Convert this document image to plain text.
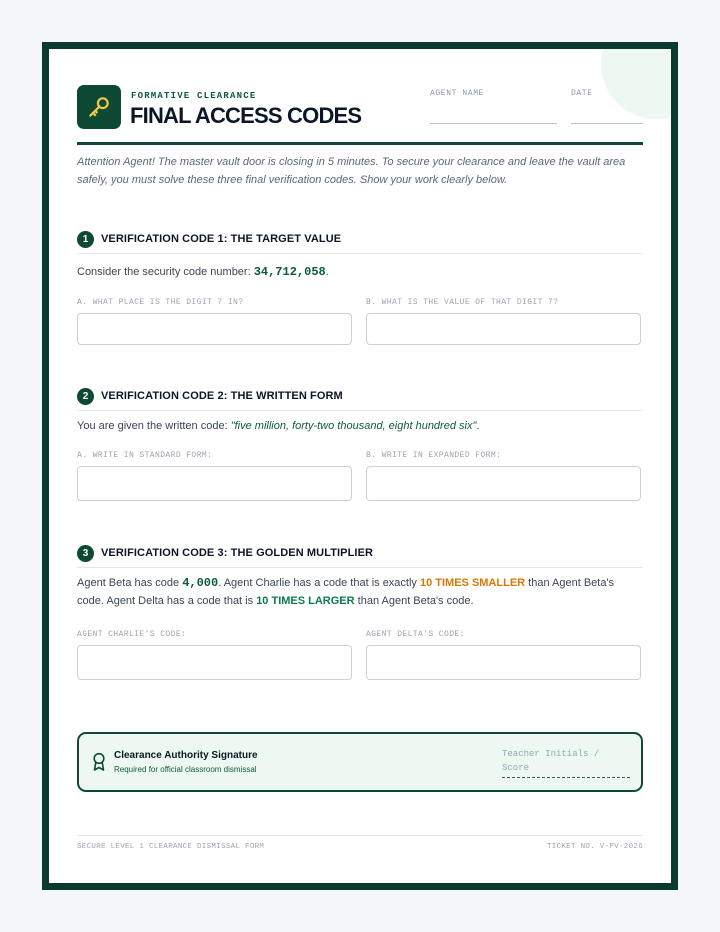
FORMATIVE CLEARANCE
FINAL ACCESS CODES
AGENT NAME	DATE

Attention Agent! The master vault door is closing in 5 minutes. To secure your clearance and leave the vault area safely, you must solve these three final verification codes. Show your work clearly below.

1	VERIFICATION CODE 1: THE TARGET VALUE

Consider the security code number: 34,712,058.

A. WHAT PLACE IS THE DIGIT 7 IN?	B. WHAT IS THE VALUE OF THAT DIGIT 7?
2	VERIFICATION CODE 2: THE WRITTEN FORM

You are given the written code: "five million, forty-two thousand, eight hundred six".

A. WRITE IN STANDARD FORM:	B. WRITE IN EXPANDED FORM:
3	VERIFICATION CODE 3: THE GOLDEN MULTIPLIER

Agent Beta has code 4,000. Agent Charlie has a code that is exactly 10 TIMES SMALLER than Agent Beta's code. Agent Delta has a code that is 10 TIMES LARGER than Agent Beta's code.

AGENT CHARLIE'S CODE:	AGENT DELTA'S CODE:
Clearance Authority Signature
Required for official classroom dismissal
Teacher Initials / Score
SECURE LEVEL 1 CLEARANCE DISMISSAL FORM	TICKET NO. V-PV-2026
